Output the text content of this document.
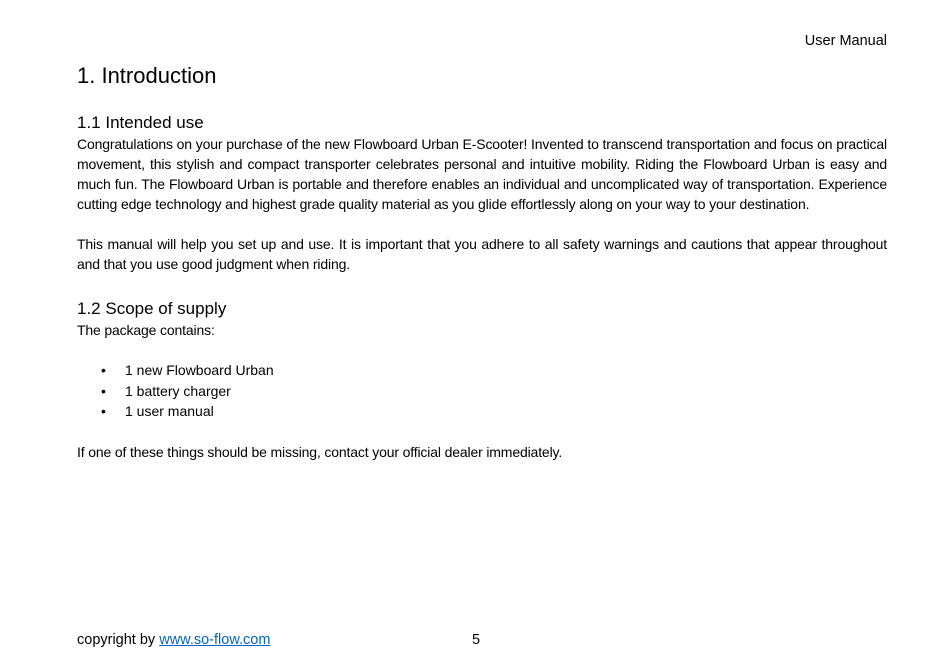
User Manual
1. Introduction
1.1 Intended use

Congratulations on your purchase of the new Flowboard Urban E-Scooter! Invented to transcend transportation and focus on practical movement, this stylish and compact transporter celebrates personal and intuitive mobility. Riding the Flowboard Urban is easy and much fun. The Flowboard Urban is portable and therefore enables an individual and uncomplicated way of transportation. Experience cutting edge technology and highest grade quality material as you glide effortlessly along on your way to your destination.

This manual will help you set up and use. It is important that you adhere to all safety warnings and cautions that appear throughout and that you use good judgment when riding.

1.2 Scope of supply

The package contains:

• 1 new Flowboard Urban
• 1 battery charger
• 1 user manual

If one of these things should be missing, contact your official dealer immediately.

copyright by www.so-flow.com	5
